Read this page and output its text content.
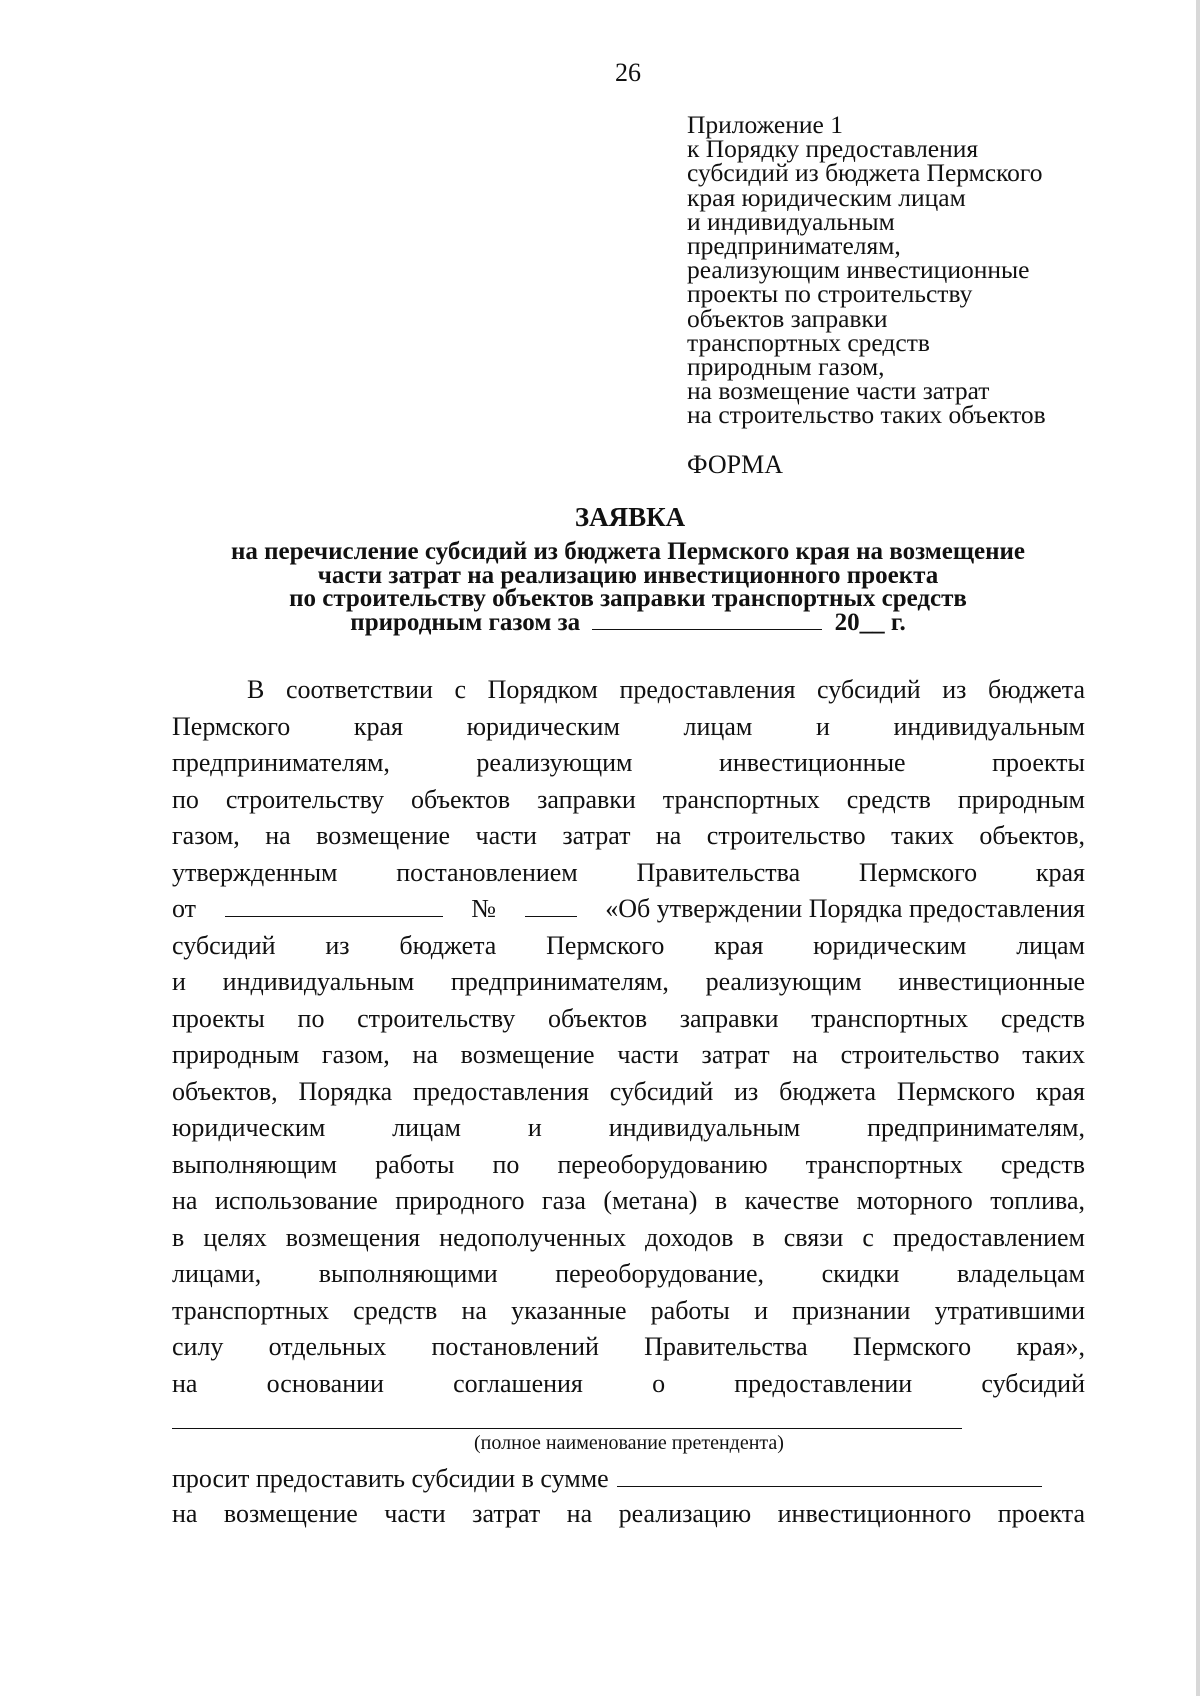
26
Приложение 1
к Порядку предоставления
субсидий из бюджета Пермского
края юридическим лицам
и индивидуальным
предпринимателям,
реализующим инвестиционные
проекты по строительству
объектов заправки
транспортных средств
природным газом,
на возмещение части затрат
на строительство таких объектов
ФОРМА
ЗАЯВКА
на перечисление субсидий из бюджета Пермского края на возмещение
части затрат на реализацию инвестиционного проекта
по строительству объектов заправки транспортных средств
природным газом за	20__ г.
В соответствии с Порядком предоставления субсидий из бюджета
Пермского края юридическим лицам и индивидуальным
предпринимателям, реализующим инвестиционные проекты
по строительству объектов заправки транспортных средств природным
газом, на возмещение части затрат на строительство таких объектов,
утвержденным постановлением Правительства Пермского края
от	№	«Об утверждении Порядка предоставления
субсидий из бюджета Пермского края юридическим лицам
и индивидуальным предпринимателям, реализующим инвестиционные
проекты по строительству объектов заправки транспортных средств
природным газом, на возмещение части затрат на строительство таких
объектов, Порядка предоставления субсидий из бюджета Пермского края
юридическим лицам и индивидуальным предпринимателям,
выполняющим работы по переоборудованию транспортных средств
на использование природного газа (метана) в качестве моторного топлива,
в целях возмещения недополученных доходов в связи с предоставлением
лицами, выполняющими переоборудование, скидки владельцам
транспортных средств на указанные работы и признании утратившими
силу отдельных постановлений Правительства Пермского края»,
на основании соглашения о предоставлении субсидий
(полное наименование претендента)
просит предоставить субсидии в сумме
на возмещение части затрат на реализацию инвестиционного проекта
